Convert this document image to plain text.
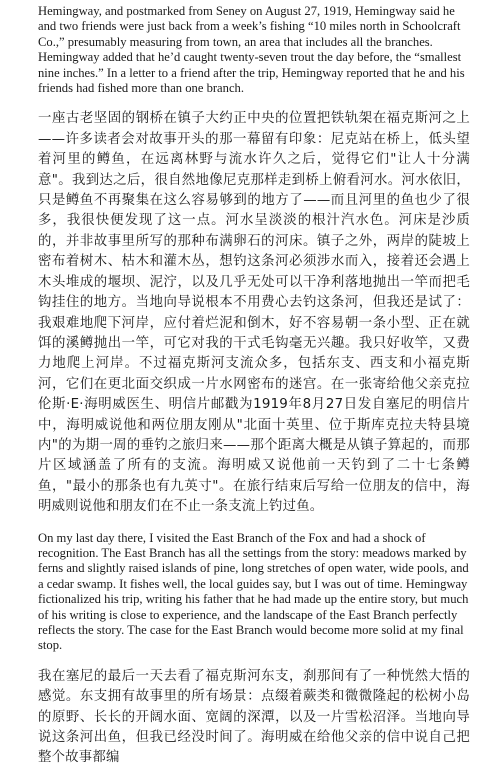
Hemingway, and postmarked from Seney on August 27, 1919, Hemingway said he and two friends were just back from a week’s fishing “10 miles north in Schoolcraft Co.,” presumably measuring from town, an area that includes all the branches. Hemingway added that he’d caught twenty-seven trout the day before, the “smallest nine inches.” In a letter to a friend after the trip, Hemingway reported that he and his friends had fished more than one branch.

一座古老坚固的钢桥在镇子大约正中央的位置把铁轨架在福克斯河之上——许多读者会对故事开头的那一幕留有印象：尼克站在桥上，低头望着河里的鳟鱼，在远离林野与流水许久之后，觉得它们"让人十分满意"。我到达之后，很自然地像尼克那样走到桥上俯看河水。河水依旧，只是鳟鱼不再聚集在这么容易够到的地方了——而且河里的鱼也少了很多，我很快便发现了这一点。河水呈淡淡的根汁汽水色。河床是沙质的，并非故事里所写的那种布满卵石的河床。镇子之外，两岸的陡坡上密布着树木、枯木和灌木丛，想钓这条河必须涉水而入，接着还会遇上木头堆成的堰坝、泥泞，以及几乎无处可以干净利落地抛出一竿而把毛钩挂住的地方。当地向导说根本不用费心去钓这条河，但我还是试了：我艰难地爬下河岸，应付着烂泥和倒木，好不容易朝一条小型、正在就饵的溪鳟抛出一竿，可它对我的干式毛钩毫无兴趣。我只好收竿，又费力地爬上河岸。不过福克斯河支流众多，包括东支、西支和小福克斯河，它们在更北面交织成一片水网密布的迷宫。在一张寄给他父亲克拉伦斯·E·海明威医生、明信片邮戳为1919年8月27日发自塞尼的明信片中，海明威说他和两位朋友刚从"北面十英里、位于斯库克拉夫特县境内"的为期一周的垂钓之旅归来——那个距离大概是从镇子算起的，而那片区域涵盖了所有的支流。海明威又说他前一天钓到了二十七条鳟鱼，"最小的那条也有九英寸"。在旅行结束后写给一位朋友的信中，海明威则说他和朋友们在不止一条支流上钓过鱼。

On my last day there, I visited the East Branch of the Fox and had a shock of recognition. The East Branch has all the settings from the story: meadows marked by ferns and slightly raised islands of pine, long stretches of open water, wide pools, and a cedar swamp. It fishes well, the local guides say, but I was out of time. Hemingway fictionalized his trip, writing his father that he had made up the entire story, but much of his writing is close to experience, and the landscape of the East Branch perfectly reflects the story. The case for the East Branch would become more solid at my final stop.

我在塞尼的最后一天去看了福克斯河东支，刹那间有了一种恍然大悟的感觉。东支拥有故事里的所有场景：点缀着蕨类和微微隆起的松树小岛的原野、长长的开阔水面、宽阔的深潭，以及一片雪松沼泽。当地向导说这条河出鱼，但我已经没时间了。海明威在给他父亲的信中说自己把整个故事都编
